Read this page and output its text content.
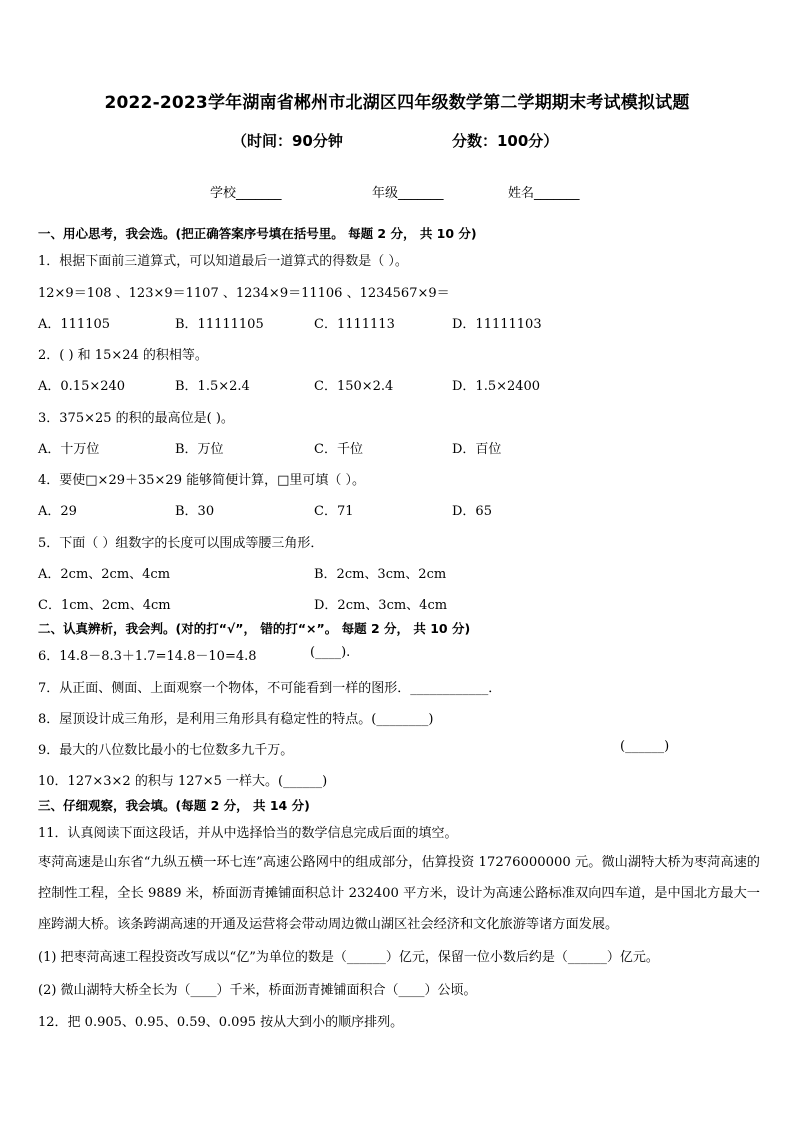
2022-2023学年湖南省郴州市北湖区四年级数学第二学期期末考试模拟试题
（时间：90分钟	分数：100分）
学校_______	年级_______	姓名_______
一、用心思考，我会选。(把正确答案序号填在括号里。 每题 2 分， 共 10 分)
1．根据下面前三道算式，可以知道最后一道算式的得数是（ ）。
12×9＝108 、123×9＝1107 、1234×9＝11106 、1234567×9＝
A．111105	B．11111105	C．1111113	D．11111103
2．( ) 和 15×24 的积相等。
A．0.15×240	B．1.5×2.4	C．150×2.4	D．1.5×2400
3．375×25 的积的最高位是( )。
A．十万位	B．万位	C．千位	D．百位
4．要使□×29＋35×29 能够简便计算，□里可填（ ）。
A．29	B．30	C．71	D．65
5．下面（ ）组数字的长度可以围成等腰三角形．
A．2cm、2cm、4cm	B．2cm、3cm、2cm
C．1cm、2cm、4cm	D．2cm、3cm、4cm
二、认真辨析，我会判。(对的打“√”， 错的打“×”。 每题 2 分， 共 10 分)
6．14.8－8.3＋1.7=14.8－10=4.8	(____).
7．从正面、侧面、上面观察一个物体，不可能看到一样的图形．____________．
8．屋顶设计成三角形，是利用三角形具有稳定性的特点。(________)
9．最大的八位数比最小的七位数多九千万。	(______)
10．127×3×2 的积与 127×5 一样大。(______)
三、仔细观察，我会填。(每题 2 分， 共 14 分)
11．认真阅读下面这段话，并从中选择恰当的数学信息完成后面的填空。
枣菏高速是山东省“九纵五横一环七连”高速公路网中的组成部分，估算投资 17276000000 元。微山湖特大桥为枣菏高速的控制性工程，全长 9889 米，桥面沥青摊铺面积总计 232400 平方米，设计为高速公路标准双向四车道，是中国北方最大一座跨湖大桥。该条跨湖高速的开通及运营将会带动周边微山湖区社会经济和文化旅游等诸方面发展。
(1) 把枣菏高速工程投资改写成以“亿”为单位的数是（______）亿元，保留一位小数后约是（______）亿元。
(2) 微山湖特大桥全长为（____）千米，桥面沥青摊铺面积合（____）公顷。
12．把 0.905、0.95、0.59、0.095 按从大到小的顺序排列。
